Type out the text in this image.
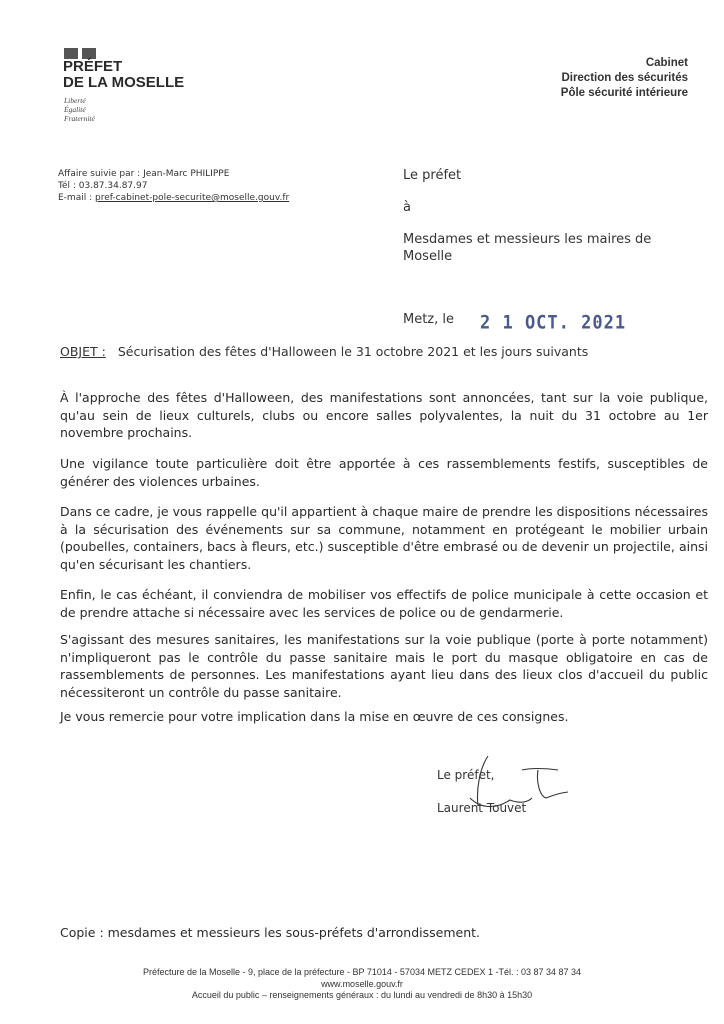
PRÉFET
DE LA MOSELLE
Liberté
Égalité
Fraternité
Cabinet
Direction des sécurités
Pôle sécurité intérieure
Affaire suivie par : Jean-Marc PHILIPPE
Tél : 03.87.34.87.97
E-mail : pref-cabinet-pole-securite@moselle.gouv.fr
Le préfet
à
Mesdames et messieurs les maires de
Moselle
Metz, le 2 1 OCT. 2021
OBJET : Sécurisation des fêtes d'Halloween le 31 octobre 2021 et les jours suivants
À l'approche des fêtes d'Halloween, des manifestations sont annoncées, tant sur la voie publique, qu'au sein de lieux culturels, clubs ou encore salles polyvalentes, la nuit du 31 octobre au 1er novembre prochains.
Une vigilance toute particulière doit être apportée à ces rassemblements festifs, susceptibles de générer des violences urbaines.
Dans ce cadre, je vous rappelle qu'il appartient à chaque maire de prendre les dispositions nécessaires à la sécurisation des événements sur sa commune, notamment en protégeant le mobilier urbain (poubelles, containers, bacs à fleurs, etc.) susceptible d'être embrasé ou de devenir un projectile, ainsi qu'en sécurisant les chantiers.
Enfin, le cas échéant, il conviendra de mobiliser vos effectifs de police municipale à cette occasion et de prendre attache si nécessaire avec les services de police ou de gendarmerie.
S'agissant des mesures sanitaires, les manifestations sur la voie publique (porte à porte notamment) n'impliqueront pas le contrôle du passe sanitaire mais le port du masque obligatoire en cas de rassemblements de personnes. Les manifestations ayant lieu dans des lieux clos d'accueil du public nécessiteront un contrôle du passe sanitaire.
Je vous remercie pour votre implication dans la mise en œuvre de ces consignes.
Le préfet,
Laurent Touvet
Copie : mesdames et messieurs les sous-préfets d'arrondissement.
Préfecture de la Moselle - 9, place de la préfecture - BP 71014 - 57034 METZ CEDEX 1 -Tél. : 03 87 34 87 34
www.moselle.gouv.fr
Accueil du public – renseignements généraux : du lundi au vendredi de 8h30 à 15h30
